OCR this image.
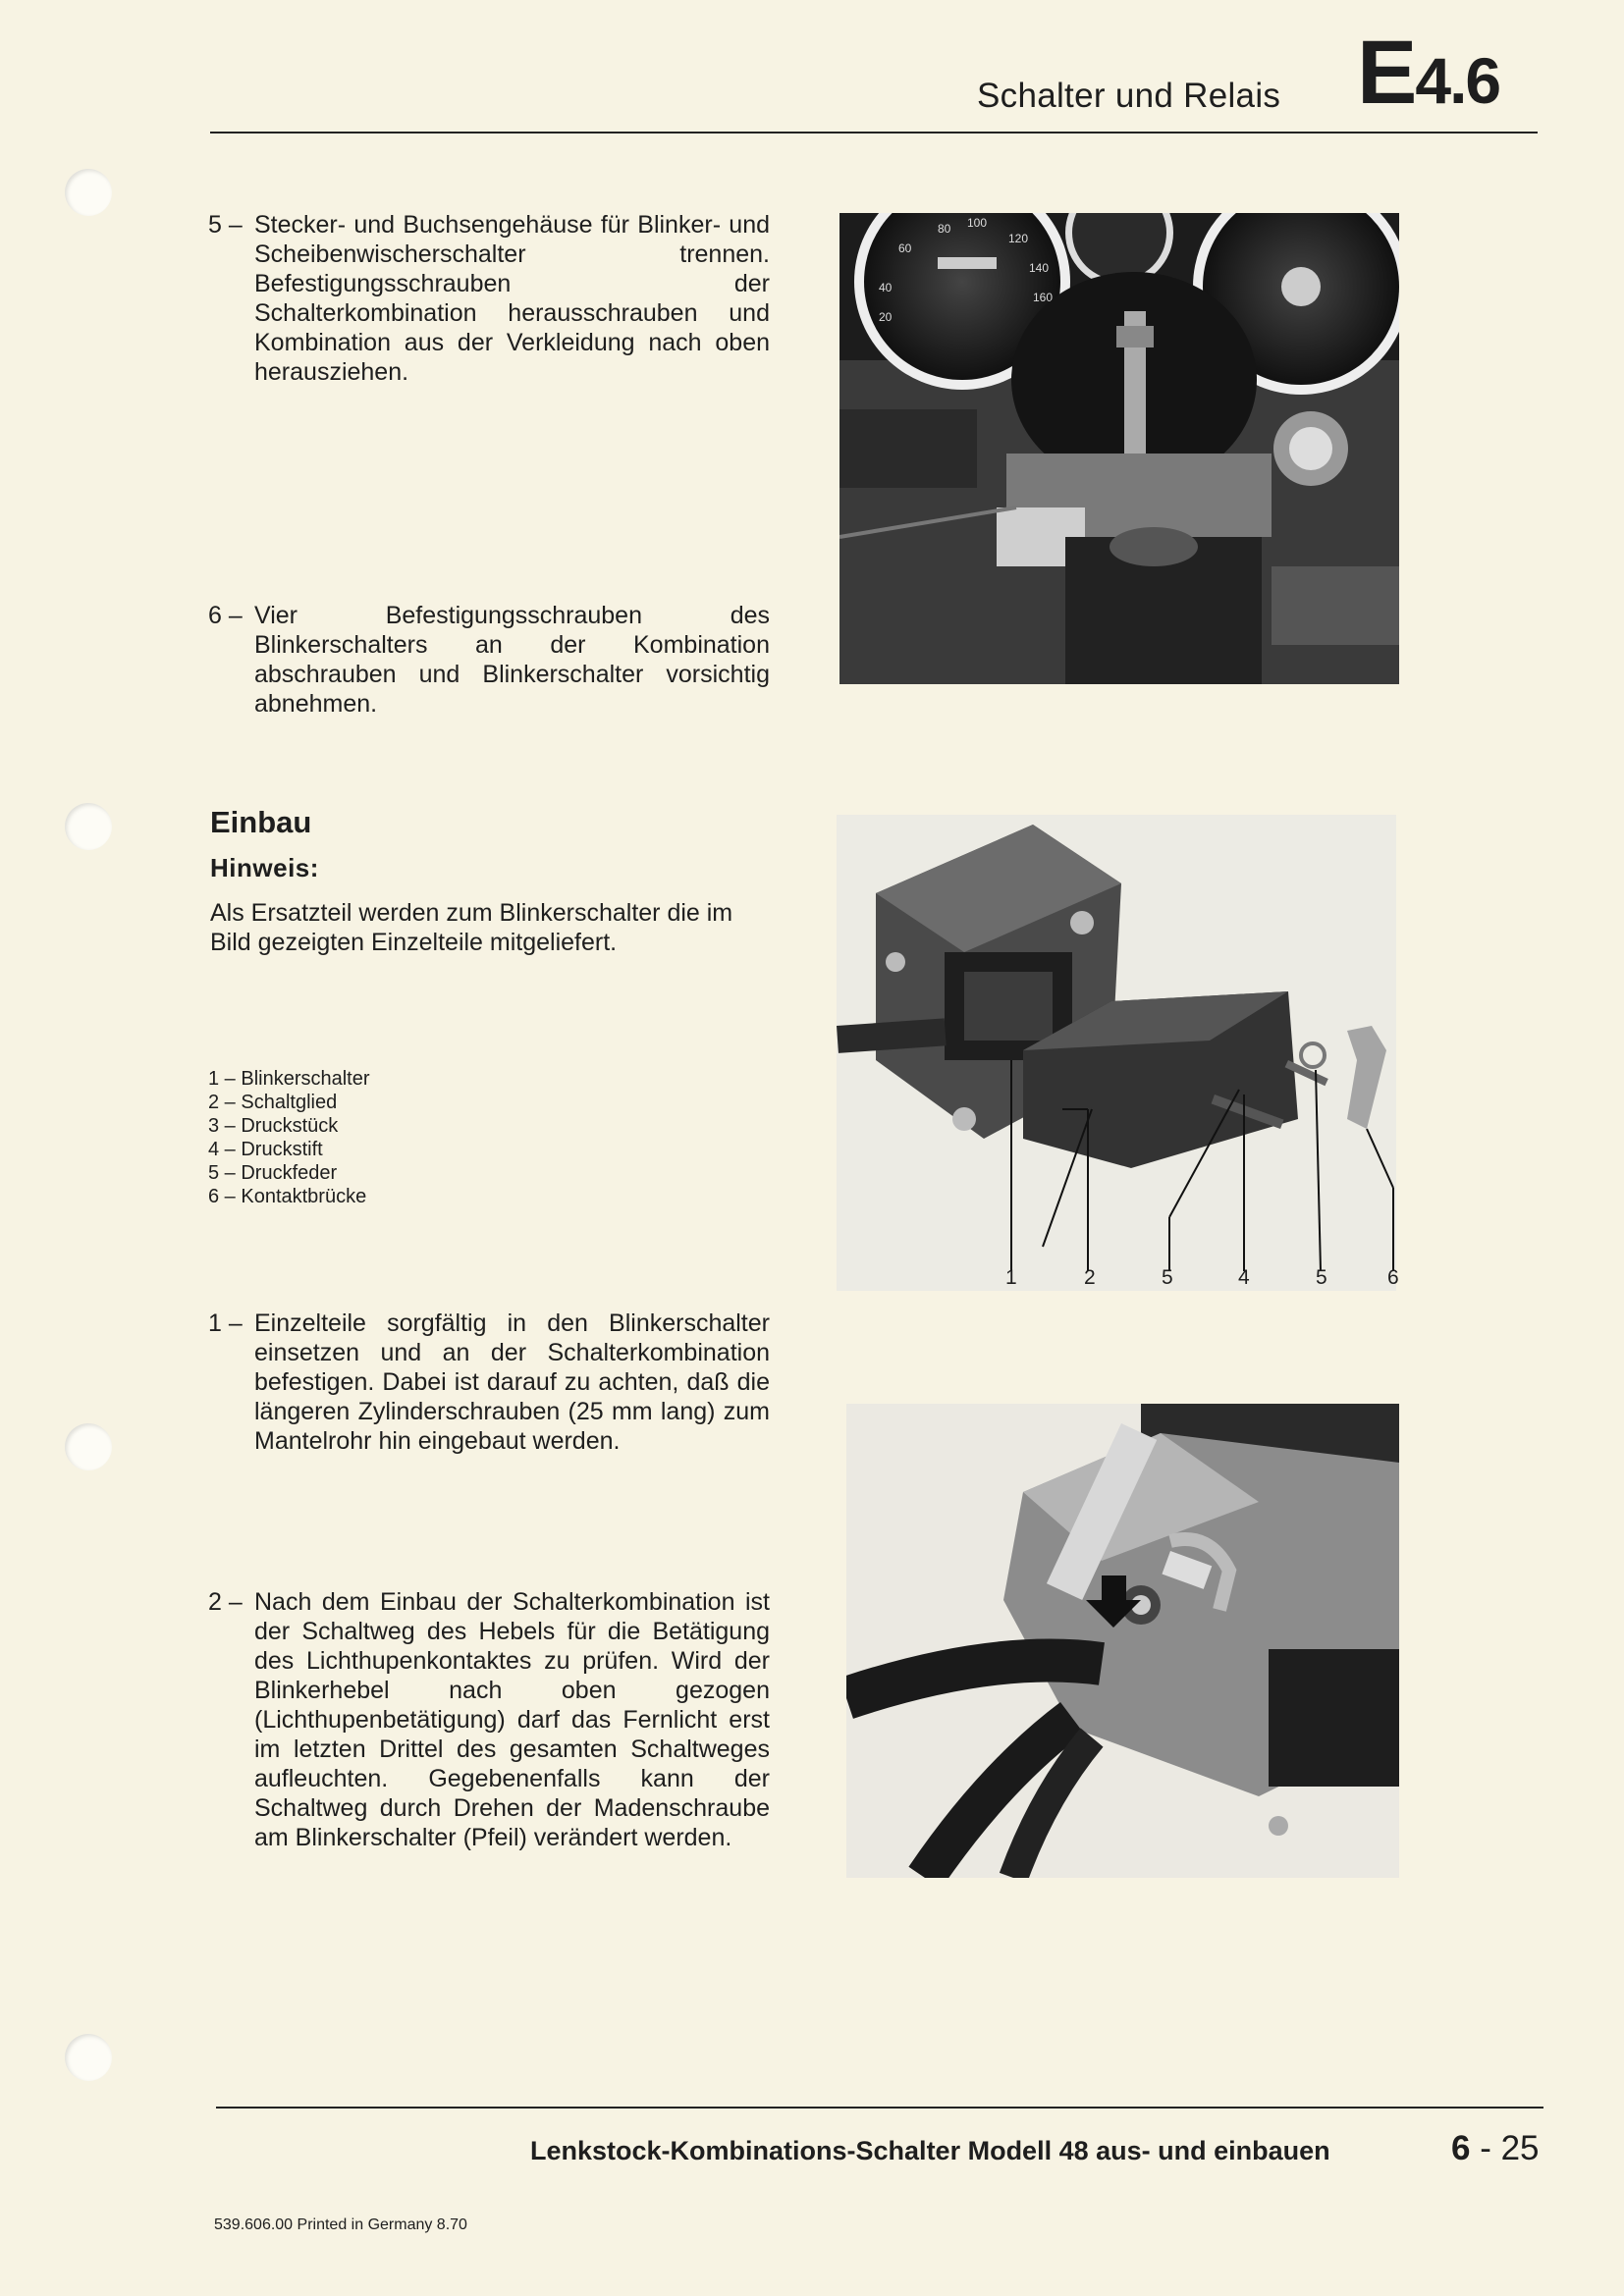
Schalter und Relais E4.6
5 – Stecker- und Buchsengehäuse für Blinker- und Scheibenwischerschalter trennen. Befestigungsschrauben der Schalterkombination herausschrauben und Kombination aus der Verkleidung nach oben herausziehen.
6 – Vier Befestigungsschrauben des Blinkerschalters an der Kombination abschrauben und Blinkerschalter vorsichtig abnehmen.
80 100
120
60
140
40
160
20
Einbau
Hinweis:
Als Ersatzteil werden zum Blinkerschalter die im Bild gezeigten Einzelteile mitgeliefert.
1 – Blinkerschalter
2 – Schaltglied
3 – Druckstück
4 – Druckstift
5 – Druckfeder
6 – Kontaktbrücke
1	2	5	4	5	6
1 – Einzelteile sorgfältig in den Blinkerschalter einsetzen und an der Schalterkombination befestigen. Dabei ist darauf zu achten, daß die längeren Zylinderschrauben (25 mm lang) zum Mantelrohr hin eingebaut werden.
2 – Nach dem Einbau der Schalterkombination ist der Schaltweg des Hebels für die Betätigung des Lichthupenkontaktes zu prüfen. Wird der Blinkerhebel nach oben gezogen (Lichthupenbetätigung) darf das Fernlicht erst im letzten Drittel des gesamten Schaltweges aufleuchten. Gegebenenfalls kann der Schaltweg durch Drehen der Madenschraube am Blinkerschalter (Pfeil) verändert werden.
Lenkstock-Kombinations-Schalter Modell 48 aus- und einbauen	6 - 25
539.606.00 Printed in Germany 8.70
